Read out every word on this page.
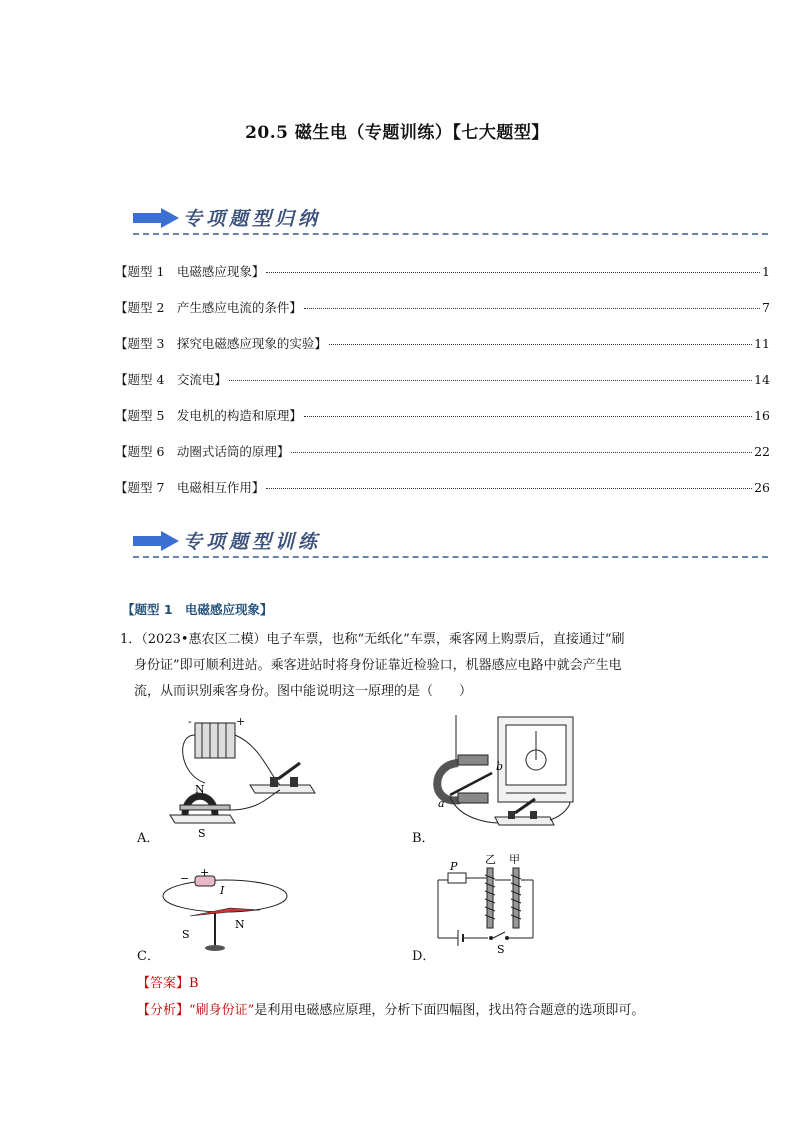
20.5 磁生电（专题训练）【七大题型】
专项题型归纳
【题型 1　电磁感应现象】	1
【题型 2　产生感应电流的条件】	7
【题型 3　探究电磁感应现象的实验】	11
【题型 4　交流电】	14
【题型 5　发电机的构造和原理】	16
【题型 6　动圈式话筒的原理】	22
【题型 7　电磁相互作用】	26
专项题型训练
【题型 1　电磁感应现象】

1．（2023•惠农区二模）电子车票，也称“无纸化”车票，乘客网上购票后，直接通过“刷

身份证”即可顺利进站。乘客进站时将身份证靠近检验口，机器感应电路中就会产生电

流，从而识别乘客身份。图中能说明这一原理的是（　　）

+
-
N
S
A．
a
b
B．
− +
I
S
N
C．
P
乙 甲
S
D．
【答案】B
【分析】“刷身份证”是利用电磁感应原理，分析下面四幅图，找出符合题意的选项即可。
